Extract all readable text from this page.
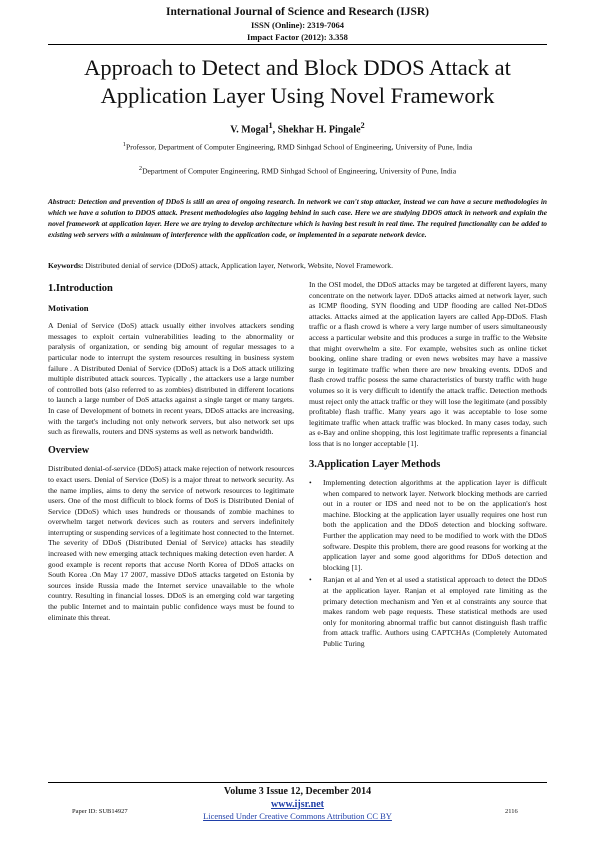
International Journal of Science and Research (IJSR)
ISSN (Online): 2319-7064
Impact Factor (2012): 3.358
Approach to Detect and Block DDOS Attack at Application Layer Using Novel Framework
V. Mogal$^1$, Shekhar H. Pingale$^2$
$^1$Professor, Department of Computer Engineering, RMD Sinhgad School of Engineering, University of Pune, India
$^2$Department of Computer Engineering, RMD Sinhgad School of Engineering, University of Pune, India
Abstract: Detection and prevention of DDoS is still an area of ongoing research. In network we can't stop attacker, instead we can have a secure methodologies in which we have a solution to DDOS attack. Present methodologies also lagging behind in such case. Here we are studying DDOS attack in network and explain the novel framework at application layer. Here we are trying to develop architecture which is having best result in real time. The required functionality can be added to existing web servers with a minimum of interference with the application code, or implemented in a separate network device.
Keywords: Distributed denial of service (DDoS) attack, Application layer, Network, Website, Novel Framework.
1.Introduction
Motivation
A Denial of Service (DoS) attack usually either involves attackers sending messages to exploit certain vulnerabilities leading to the abnormality or paralysis of organization, or sending big amount of regular messages to a particular node to interrupt the system resources resulting in business system failure . A Distributed Denial of Service (DDoS) attack is a DoS attack utilizing multiple distributed attack sources. Typically , the attackers use a large number of controlled bots (also referred to as zombies) distributed in different locations to launch a large number of DoS attacks against a single target or many targets. In case of Development of botnets in recent years, DDoS attacks are increasing, with the target's including not only network servers, but also network set ups such as firewalls, routers and DNS systems as well as network bandwidth.
Overview
Distributed denial-of-service (DDoS) attack make rejection of network resources to exact users. Denial of Service (DoS) is a major threat to network security. As the name implies, aims to deny the service of network resources to legitimate users. One of the most difficult to block forms of DoS is Distributed Denial of Service (DDoS) which uses hundreds or thousands of zombie machines to overwhelm target network devices such as routers and servers indefinitely interrupting or suspending services of a legitimate host connected to the Internet. The severity of DDoS (Distributed Denial of Service) attacks has steadily increased with new emerging attack techniques making detection even harder. A good example is recent reports that accuse North Korea of DDoS attacks on South Korea .On May 17 2007, massive DDoS attacks targeted on Estonia by sources inside Russia made the Internet service unavailable to the whole country. Resulting in financial losses. DDoS is an emerging cold war targeting the public Internet and to maintain public confidence ways must be found to eliminate this threat.
In the OSI model, the DDoS attacks may be targeted at different layers, many concentrate on the network layer. DDoS attacks aimed at network layer, such as ICMP flooding, SYN flooding and UDP flooding are called Net-DDoS attacks. Attacks aimed at the application layers are called App-DDoS. Flash traffic or a flash crowd is where a very large number of users simultaneously access a particular website and this produces a surge in traffic to the Website that might overwhelm a site. For example, websites such as online ticket booking, online share trading or even news websites may have a massive surge in legitimate traffic when there are new breaking events. DDoS and flash crowd traffic posess the same characteristics of bursty traffic with huge volumes so it is very difficult to identify the attack traffic. Detection methods must reject only the attack traffic or they will lose the legitimate (and possibly profitable) flash traffic. Many years ago it was acceptable to lose some legitimate traffic when attack traffic was blocked. In many cases today, such as e-Bay and online shopping, this lost legitimate traffic represents a financial loss that is no longer acceptable [1].
3.Application Layer Methods
• Implementing detection algorithms at the application layer is difficult when compared to network layer. Network blocking methods are carried out in a router or IDS and need not to be on the application's host machine. Blocking at the application layer usually requires one host run both the application and the DDoS detection and blocking software. Further the application may need to be modified to work with the DDoS software. Despite this problem, there are good reasons for working at the application layer and some good algorithms for DDoS detection and blocking [1].
• Ranjan et al and Yen et al used a statistical approach to detect the DDoS at the application layer. Ranjan et al employed rate limiting as the primary detection mechanism and Yen et al constraints any source that makes random web page requests. These statistical methods are used only for monitoring abnormal traffic but cannot distinguish flash traffic from attack traffic. Authors using CAPTCHAs (Completely Automated Public Turing
Volume 3 Issue 12, December 2014
www.ijsr.net
Licensed Under Creative Commons Attribution CC BY
Paper ID: SUB14927	2116
